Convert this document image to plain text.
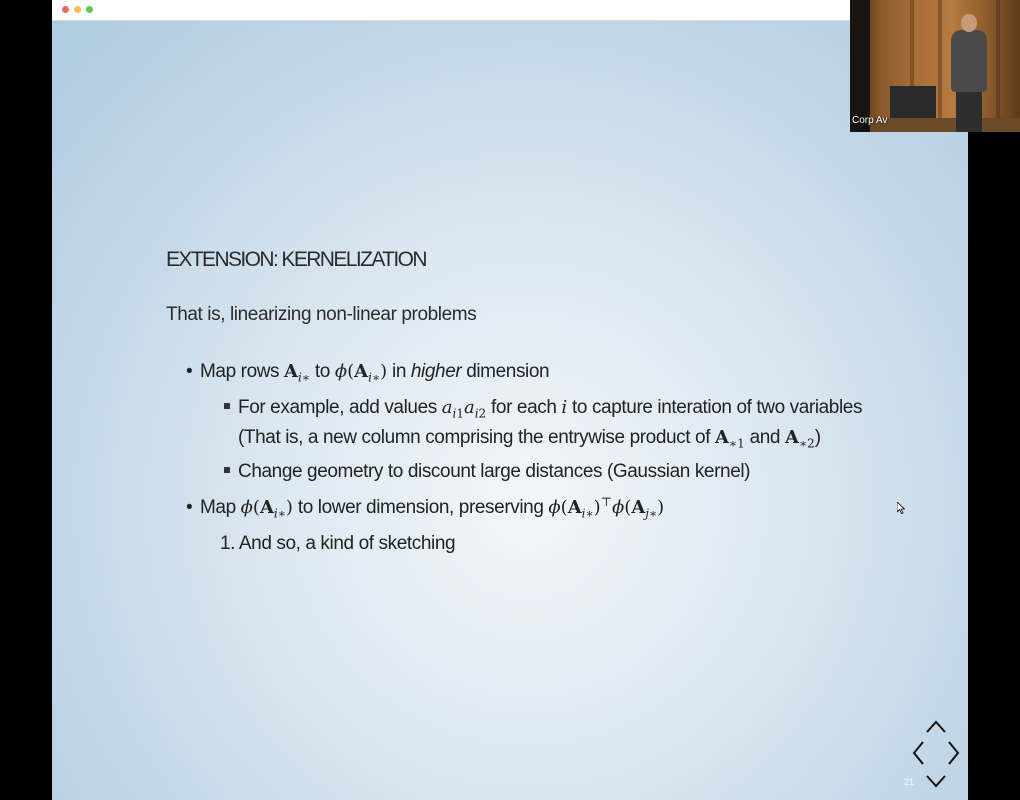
EXTENSION: KERNELIZATION
That is, linearizing non-linear problems
• Map rows $A_{i∗}$ to $\phi(A_{i∗})$ in higher dimension
For example, add values $a_{i1}a_{i2}$ for each i to capture interation of two variables
(That is, a new column comprising the entrywise product of $A_{∗1}$ and $A_{∗2}$)
Change geometry to discount large distances (Gaussian kernel)
• Map $\phi(A_{i∗})$ to lower dimension, preserving $\phi(A_{i∗})^⊤\phi(A_{j∗})$
1. And so, a kind of sketching
21
Corp Av
